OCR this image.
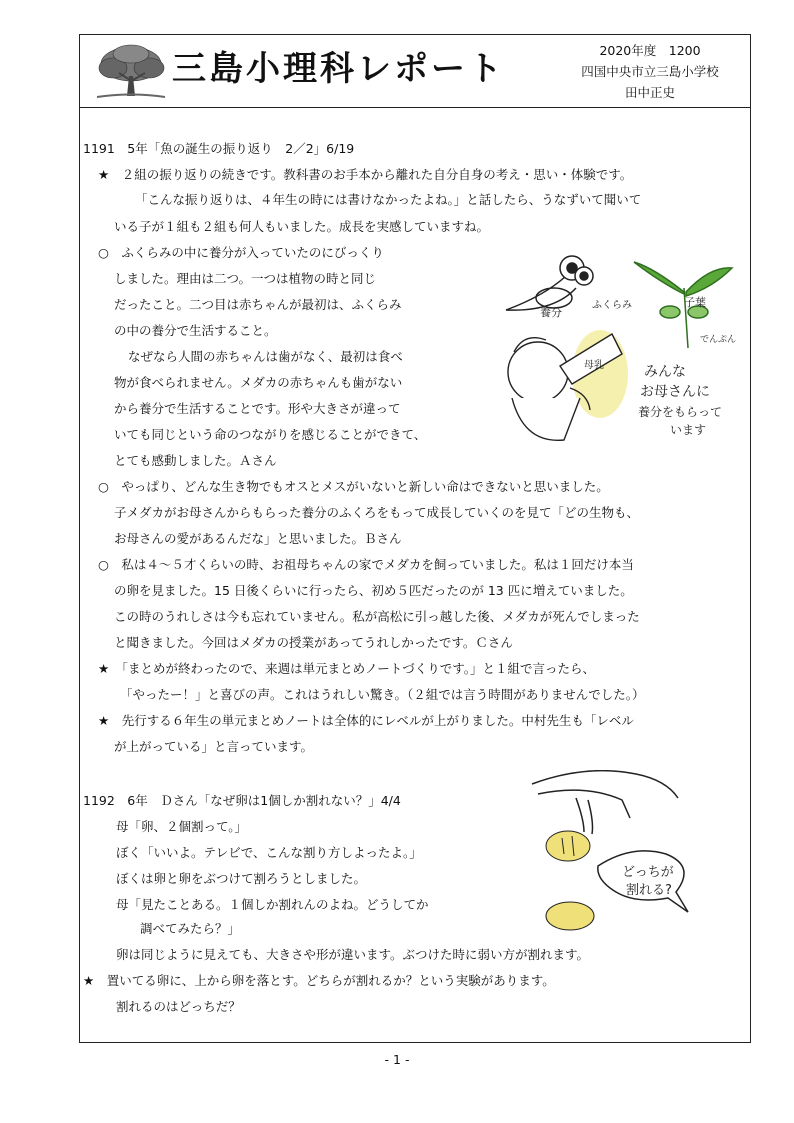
三島小理科レポート	2020年度　1200
四国中央市立三島小学校
田中正史
1191　5年「魚の誕生の振り返り　2／2」6/19
★　２組の振り返りの続きです。教科書のお手本から離れた自分自身の考え・思い・体験です。
「こんな振り返りは、４年生の時には書けなかったよね。」と話したら、うなずいて聞いて
いる子が１組も２組も何人もいました。成長を実感していますね。
○　ふくらみの中に養分が入っていたのにびっくり
しました。理由は二つ。一つは植物の時と同じ
だったこと。二つ目は赤ちゃんが最初は、ふくらみ
の中の養分で生活すること。
なぜなら人間の赤ちゃんは歯がなく、最初は食べ
物が食べられません。メダカの赤ちゃんも歯がない
から養分で生活することです。形や大きさが違って
いても同じという命のつながりを感じることができて、
とても感動しました。Ａさん
○　やっぱり、どんな生き物でもオスとメスがいないと新しい命はできないと思いました。
子メダカがお母さんからもらった養分のふくろをもって成長していくのを見て「どの生物も、
お母さんの愛があるんだな」と思いました。Ｂさん
○　私は４～５才くらいの時、お祖母ちゃんの家でメダカを飼っていました。私は１回だけ本当
の卵を見ました。15 日後くらいに行ったら、初め５匹だったのが 13 匹に増えていました。
この時のうれしさは今も忘れていません。私が高松に引っ越した後、メダカが死んでしまった
と聞きました。今回はメダカの授業があってうれしかったです。Ｃさん
★　「まとめが終わったので、来週は単元まとめノートづくりです。」と１組で言ったら、
「やったー！」と喜びの声。これはうれしい驚き。（２組では言う時間がありませんでした。）
★　先行する６年生の単元まとめノートは全体的にレベルが上がりました。中村先生も「レベル
が上がっている」と言っています。
養分
ふくらみ	子葉
でんぷん
母乳	みんな
お母さんに
養分をもらって
います
1192　6年　Ｄさん「なぜ卵は1個しか割れない？」4/4
母「卵、２個割って。」
ぼく「いいよ。テレビで、こんな割り方しよったよ。」
ぼくは卵と卵をぶつけて割ろうとしました。
母「見たことある。１個しか割れんのよね。どうしてか
調べてみたら？」
卵は同じように見えても、大きさや形が違います。ぶつけた時に弱い方が割れます。
★　置いてる卵に、上から卵を落とす。どちらが割れるか？という実験があります。
割れるのはどっちだ？
どっちが
割れる?
- 1 -
